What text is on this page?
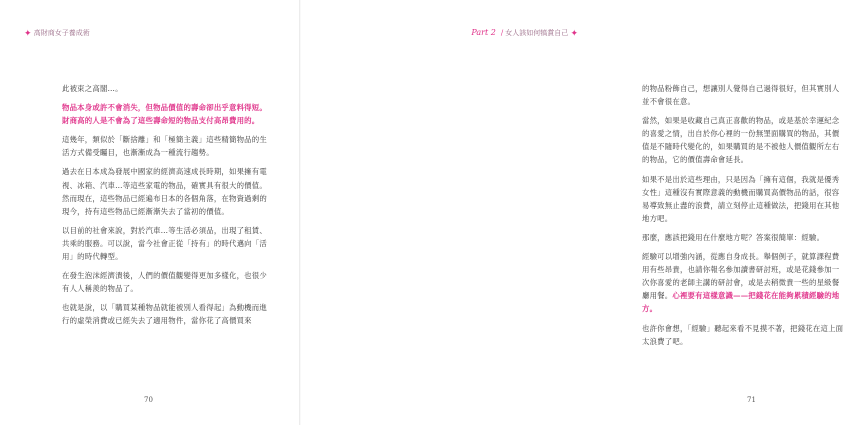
✦ 高財商女子養成術

此被束之高閣…。

物品本身或許不會消失，但物品價值的壽命卻出乎意料得短。財商高的人是不會為了這些壽命短的物品支付高昂費用的。

這幾年，類似於「斷捨離」和「極簡主義」這些精簡物品的生活方式備受矚目，也漸漸成為一種流行趨勢。

過去在日本成為發展中國家的經濟高速成長時期，如果擁有電視、冰箱、汽車…等這些家電的物品，確實具有很大的價值。然而現在，這些物品已經遍布日本的各個角落，在物資過剩的現今，持有這些物品已經漸漸失去了當初的價值。

以目前的社會來說，對於汽車…等生活必須品，出現了租賃、共乘的服務。可以說，當今社會正從「持有」的時代邁向「活用」的時代轉型。

在發生泡沫經濟潰後，人們的價值觀變得更加多樣化，也很少有人人稱羨的物品了。

也就是說，以「購買某種物品就能被別人看得起」為動機而進行的虛榮消費或已經失去了適用物件，當你花了高價買來

70
Part 2 / 女人該如何犒賞自己 ✦

的物品粉飾自己，想讓別人覺得自己過得很好，但其實別人並不會很在意。

當然，如果是收藏自己真正喜歡的物品，或是基於幸運紀念的喜愛之情，出自於你心裡的一份無罣面購買的物品，其價值是不隨時代變化的，如果購買的是不被他人價值觀所左右的物品，它的價值壽命會延長。

如果不是出於這些理由，只是因為「擁有這個，我就是優秀女性」這種沒有實際意義的動機而購買高價物品的話，很容易導致無止盡的浪費，請立刻停止這種做法，把錢用在其他地方吧。

那麼，應該把錢用在什麼地方呢？答案很簡單：經驗。

經驗可以增強內涵，從應自身成長。舉個例子，就算課程費用有些昂貴，也請你報名參加讀書研討班，或是花錢參加一次你喜愛的老師主講的研討會，或是去稍微貴一些的星級餐廳用餐。心裡要有這樣意識——把錢花在能夠累積經驗的地方。

也許你會想，「經驗」聽起來看不見摸不著，把錢花在這上面太浪費了吧。

71
